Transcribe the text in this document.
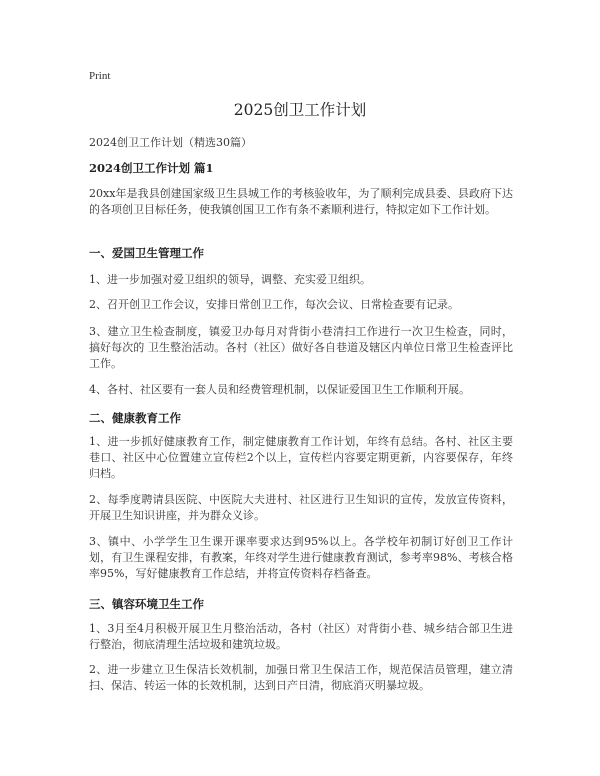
Print
2025创卫工作计划
2024创卫工作计划（精选30篇）
2024创卫工作计划 篇1
20xx年是我县创建国家级卫生县城工作的考核验收年，为了顺利完成县委、县政府下达的各项创卫目标任务，使我镇创国卫工作有条不紊顺利进行，特拟定如下工作计划。
一、爱国卫生管理工作
1、进一步加强对爱卫组织的领导，调整、充实爱卫组织。
2、召开创卫工作会议，安排日常创卫工作，每次会议、日常检查要有记录。
3、建立卫生检查制度，镇爱卫办每月对背街小巷清扫工作进行一次卫生检查，同时，搞好每次的 卫生整治活动。各村（社区）做好各自巷道及辖区内单位日常卫生检查评比工作。
4、各村、社区要有一套人员和经费管理机制，以保证爱国卫生工作顺利开展。
二、健康教育工作
1、进一步抓好健康教育工作，制定健康教育工作计划，年终有总结。各村、社区主要巷口、社区中心位置建立宣传栏2个以上，宣传栏内容要定期更新，内容要保存，年终归档。
2、每季度聘请县医院、中医院大夫进村、社区进行卫生知识的宣传，发放宣传资料，开展卫生知识讲座，并为群众义诊。
3、镇中、小学学生卫生课开课率要求达到95%以上。各学校年初制订好创卫工作计划，有卫生课程安排，有教案，年终对学生进行健康教育测试，参考率98%、考核合格率95%，写好健康教育工作总结，并将宣传资料存档备查。
三、镇容环境卫生工作
1、3月至4月积极开展卫生月整治活动，各村（社区）对背街小巷、城乡结合部卫生进行整治，彻底清理生活垃圾和建筑垃圾。
2、进一步建立卫生保洁长效机制，加强日常卫生保洁工作，规范保洁员管理，建立清扫、保洁、转运一体的长效机制，达到日产日清，彻底消灭明暴垃圾。
